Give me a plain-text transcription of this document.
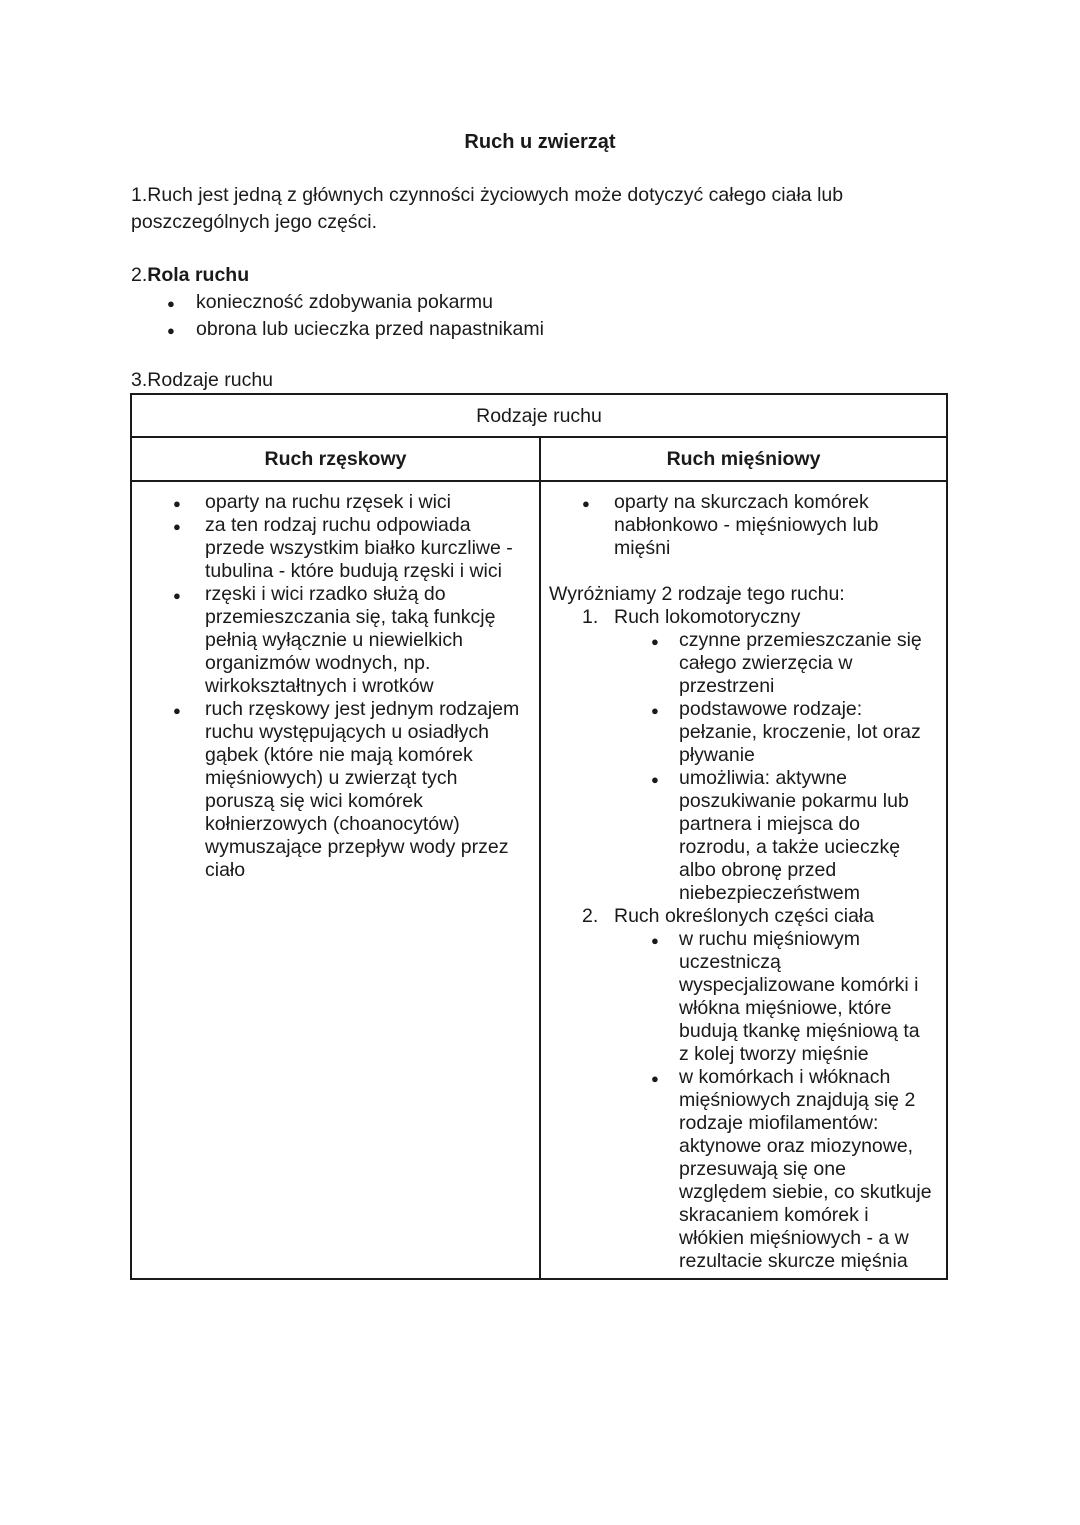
Ruch u zwierząt
1.Ruch jest jedną z głównych czynności życiowych może dotyczyć całego ciała lub
poszczególnych jego części.
2.Rola ruchu
● konieczność zdobywania pokarmu
● obrona lub ucieczka przed napastnikami
3.Rodzaje ruchu
Rodzaje ruchu
Ruch rzęskowy	Ruch mięśniowy
● oparty na ruchu rzęsek i wici
● za ten rodzaj ruchu odpowiada
przede wszystkim białko kurczliwe -
tubulina - które budują rzęski i wici
● rzęski i wici rzadko służą do
przemieszczania się, taką funkcję
pełnią wyłącznie u niewielkich
organizmów wodnych, np.
wirkokształtnych i wrotków
● ruch rzęskowy jest jednym rodzajem
ruchu występujących u osiadłych
gąbek (które nie mają komórek
mięśniowych) u zwierząt tych
poruszą się wici komórek
kołnierzowych (choanocytów)
wymuszające przepływ wody przez
ciało
● oparty na skurczach komórek
nabłonkowo - mięśniowych lub
mięśni
Wyróżniamy 2 rodzaje tego ruchu:
1. Ruch lokomotoryczny
● czynne przemieszczanie się
całego zwierzęcia w
przestrzeni
● podstawowe rodzaje:
pełzanie, kroczenie, lot oraz
pływanie
● umożliwia: aktywne
poszukiwanie pokarmu lub
partnera i miejsca do
rozrodu, a także ucieczkę
albo obronę przed
niebezpieczeństwem
2. Ruch określonych części ciała
● w ruchu mięśniowym
uczestniczą
wyspecjalizowane komórki i
włókna mięśniowe, które
budują tkankę mięśniową ta
z kolej tworzy mięśnie
● w komórkach i włóknach
mięśniowych znajdują się 2
rodzaje miofilamentów:
aktynowe oraz miozynowe,
przesuwają się one
względem siebie, co skutkuje
skracaniem komórek i
włókien mięśniowych - a w
rezultacie skurcze mięśnia
